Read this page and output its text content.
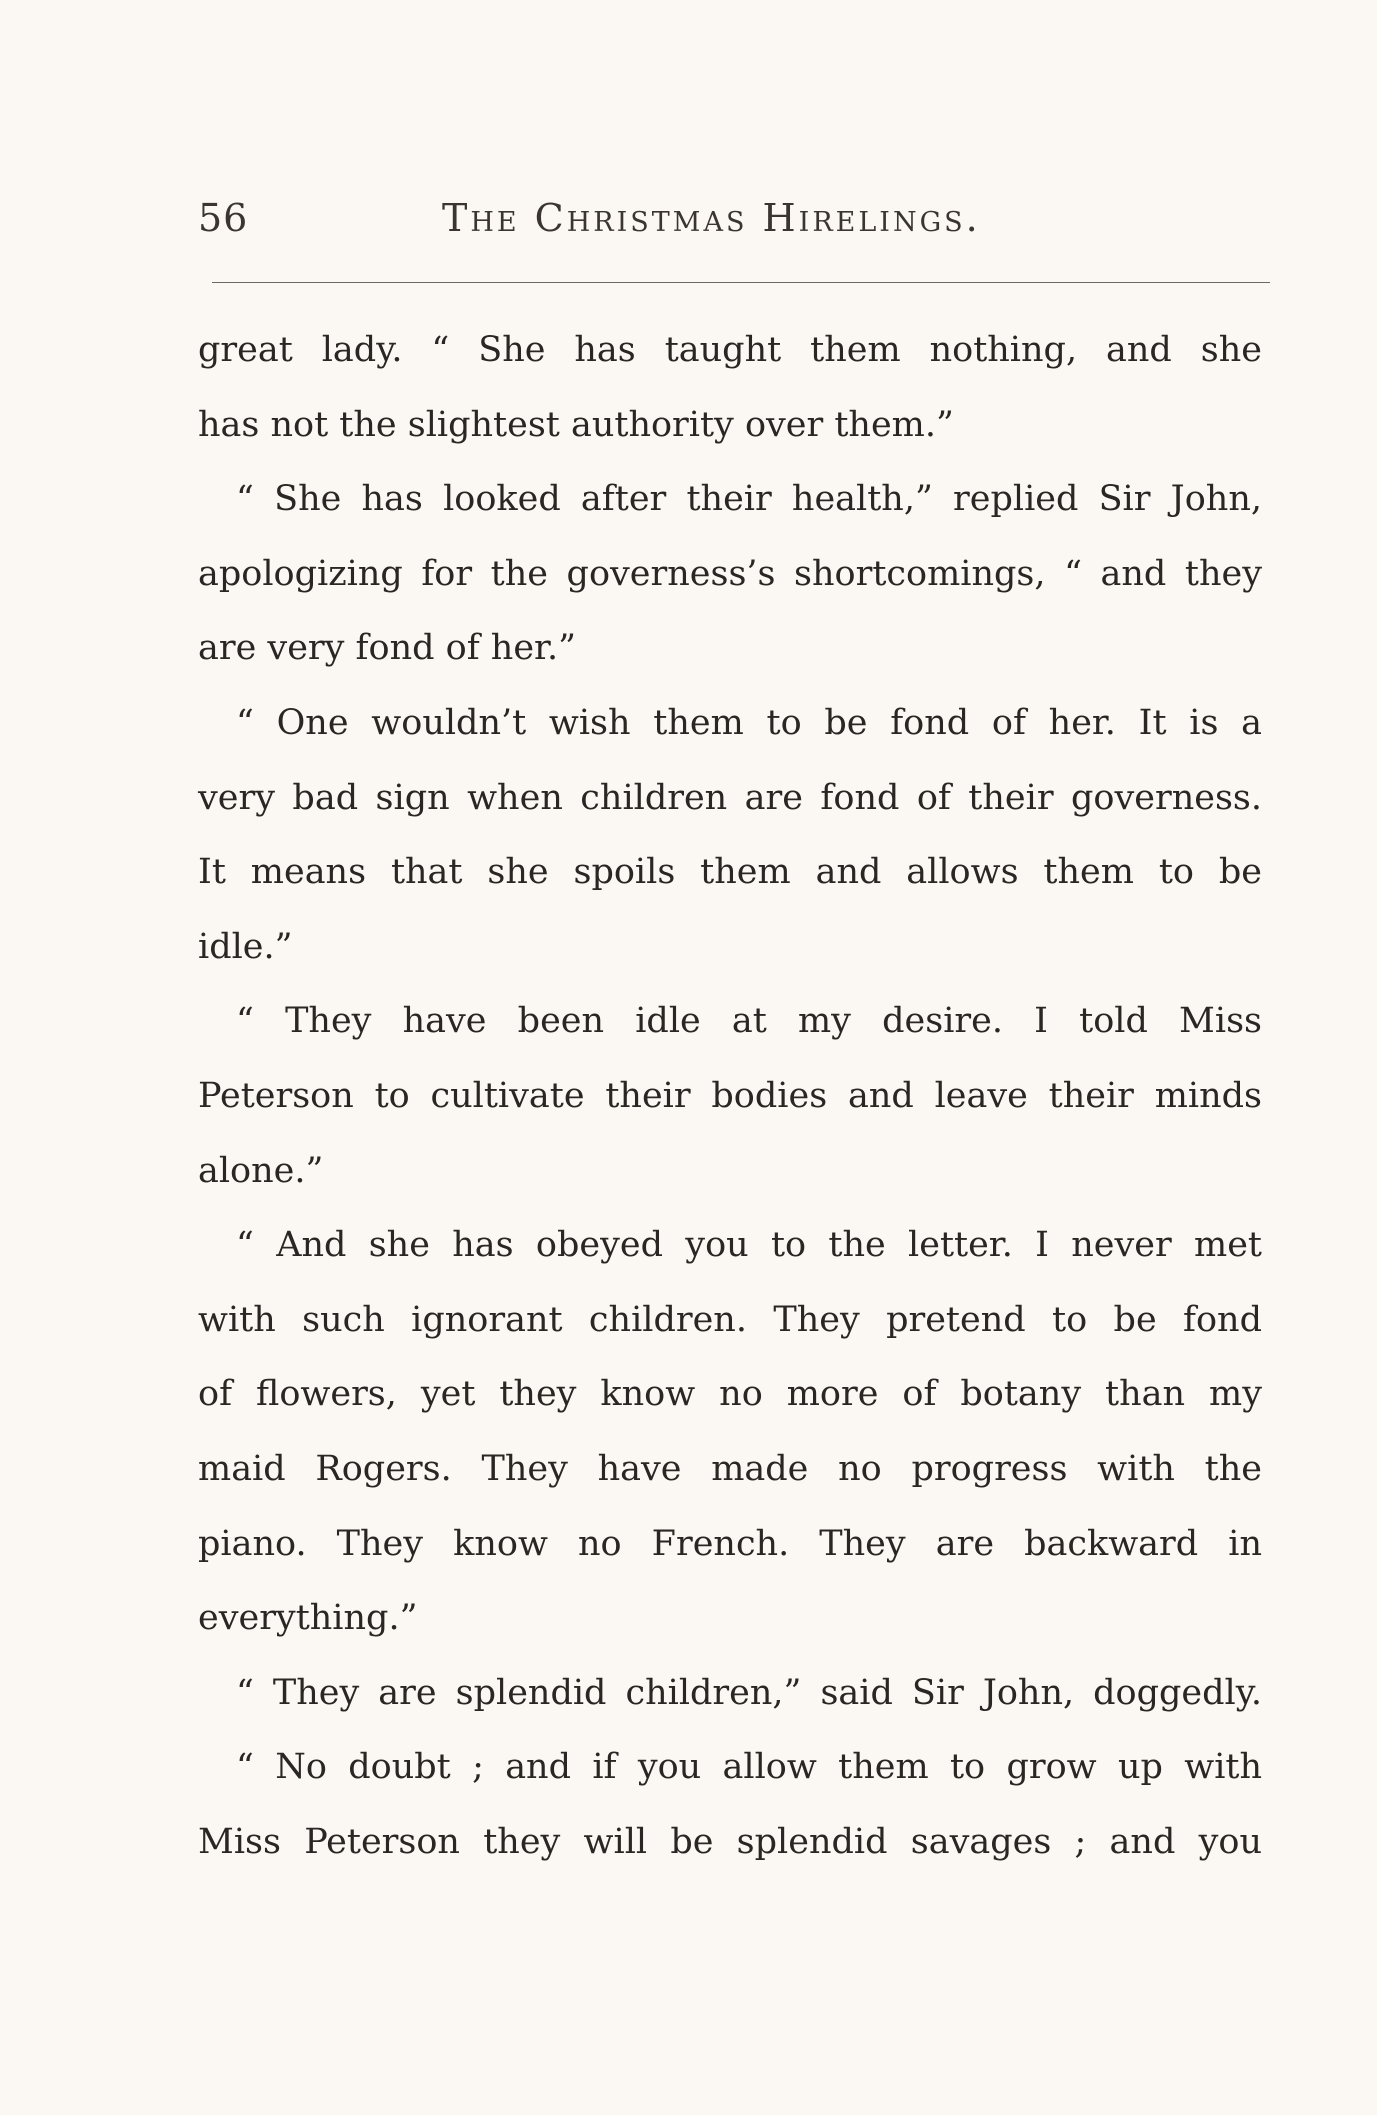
56	The Christmas Hirelings.
great lady. “ She has taught them nothing, and she
has not the slightest authority over them.”
“ She has looked after their health,” replied Sir John,
apologizing for the governess’s shortcomings, “ and they
are very fond of her.”
“ One wouldn’t wish them to be fond of her. It is a
very bad sign when children are fond of their governess.
It means that she spoils them and allows them to be
idle.”
“ They have been idle at my desire. I told Miss
Peterson to cultivate their bodies and leave their minds
alone.”
“ And she has obeyed you to the letter. I never met
with such ignorant children. They pretend to be fond
of flowers, yet they know no more of botany than my
maid Rogers. They have made no progress with the
piano. They know no French. They are backward in
everything.”
“ They are splendid children,” said Sir John, doggedly.
“ No doubt ; and if you allow them to grow up with
Miss Peterson they will be splendid savages ; and you
